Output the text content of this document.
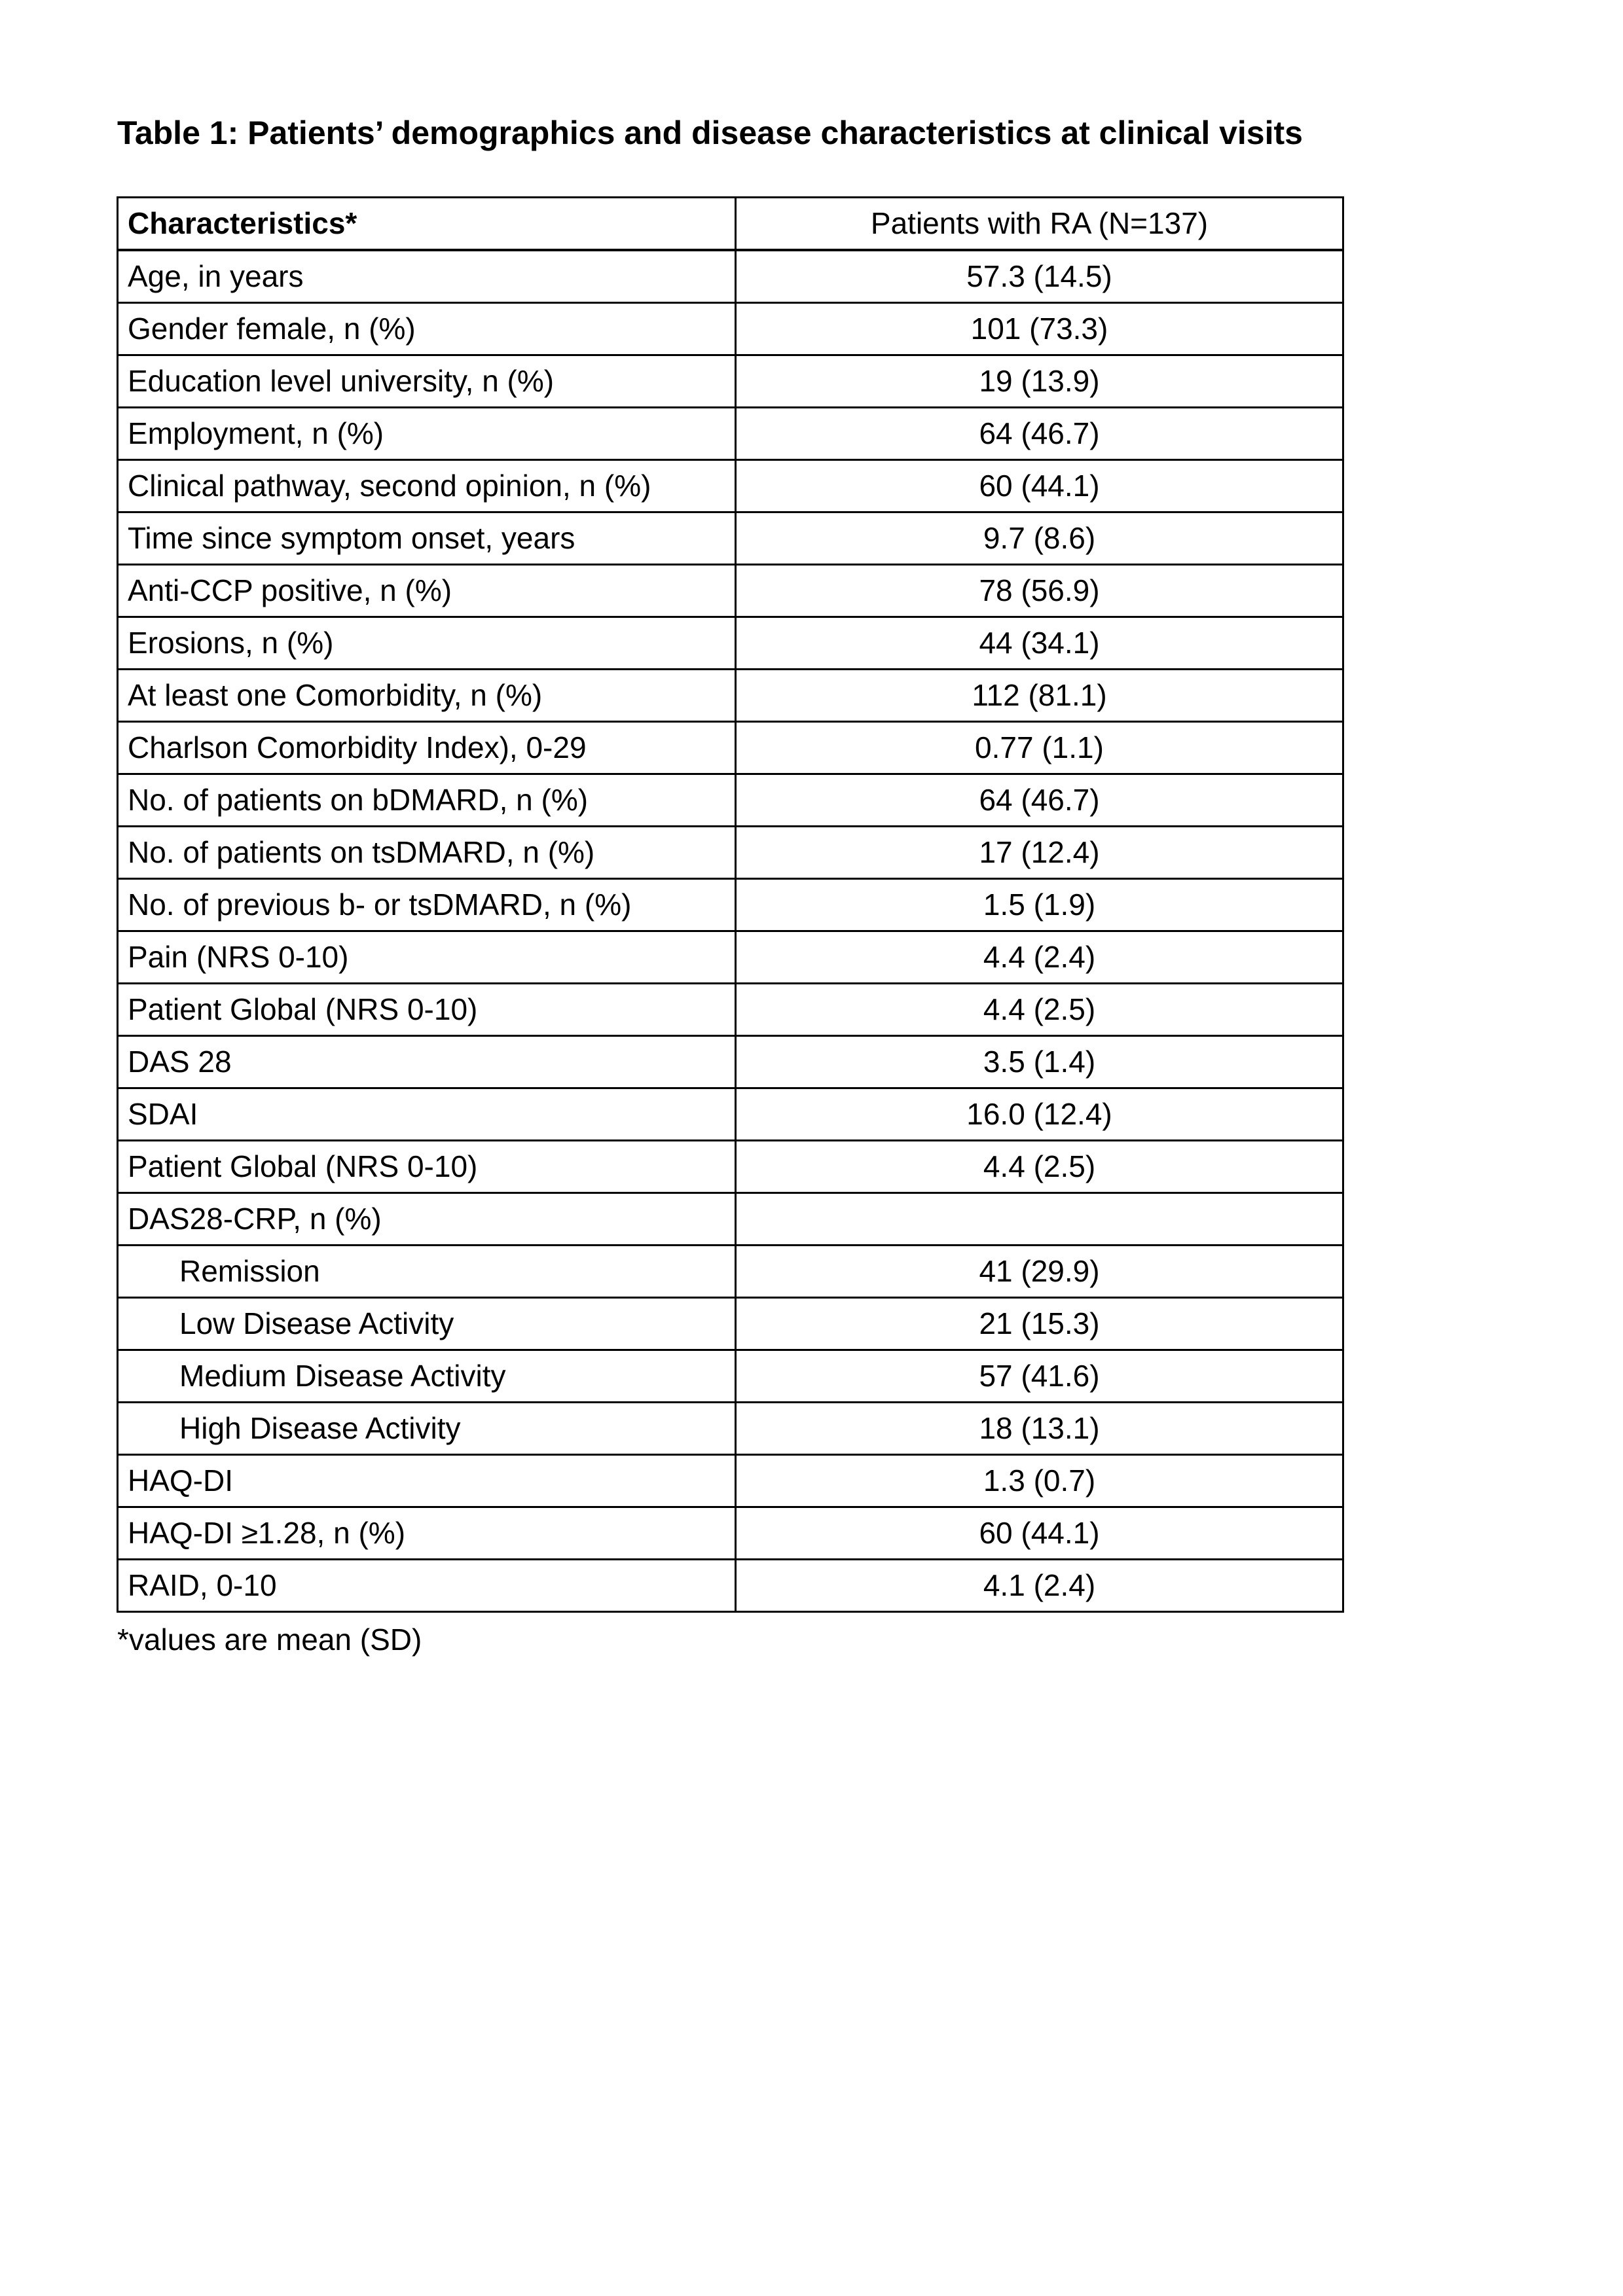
Table 1: Patients’ demographics and disease characteristics at clinical visits
Characteristics*	Patients with RA (N=137)
Age, in years	57.3 (14.5)
Gender female, n (%)	101 (73.3)
Education level university, n (%)	19 (13.9)
Employment, n (%)	64 (46.7)
Clinical pathway, second opinion, n (%)	60 (44.1)
Time since symptom onset, years	9.7 (8.6)
Anti-CCP positive, n (%)	78 (56.9)
Erosions, n (%)	44 (34.1)
At least one Comorbidity, n (%)	112 (81.1)
Charlson Comorbidity Index), 0-29	0.77 (1.1)
No. of patients on bDMARD, n (%)	64 (46.7)
No. of patients on tsDMARD, n (%)	17 (12.4)
No. of previous b- or tsDMARD, n (%)	1.5 (1.9)
Pain (NRS 0-10)	4.4 (2.4)
Patient Global (NRS 0-10)	4.4 (2.5)
DAS 28	3.5 (1.4)
SDAI	16.0 (12.4)
Patient Global (NRS 0-10)	4.4 (2.5)
DAS28-CRP, n (%)	
Remission	41 (29.9)
Low Disease Activity	21 (15.3)
Medium Disease Activity	57 (41.6)
High Disease Activity	18 (13.1)
HAQ-DI	1.3 (0.7)
HAQ-DI ≥1.28, n (%)	60 (44.1)
RAID, 0-10	4.1 (2.4)
*values are mean (SD)
